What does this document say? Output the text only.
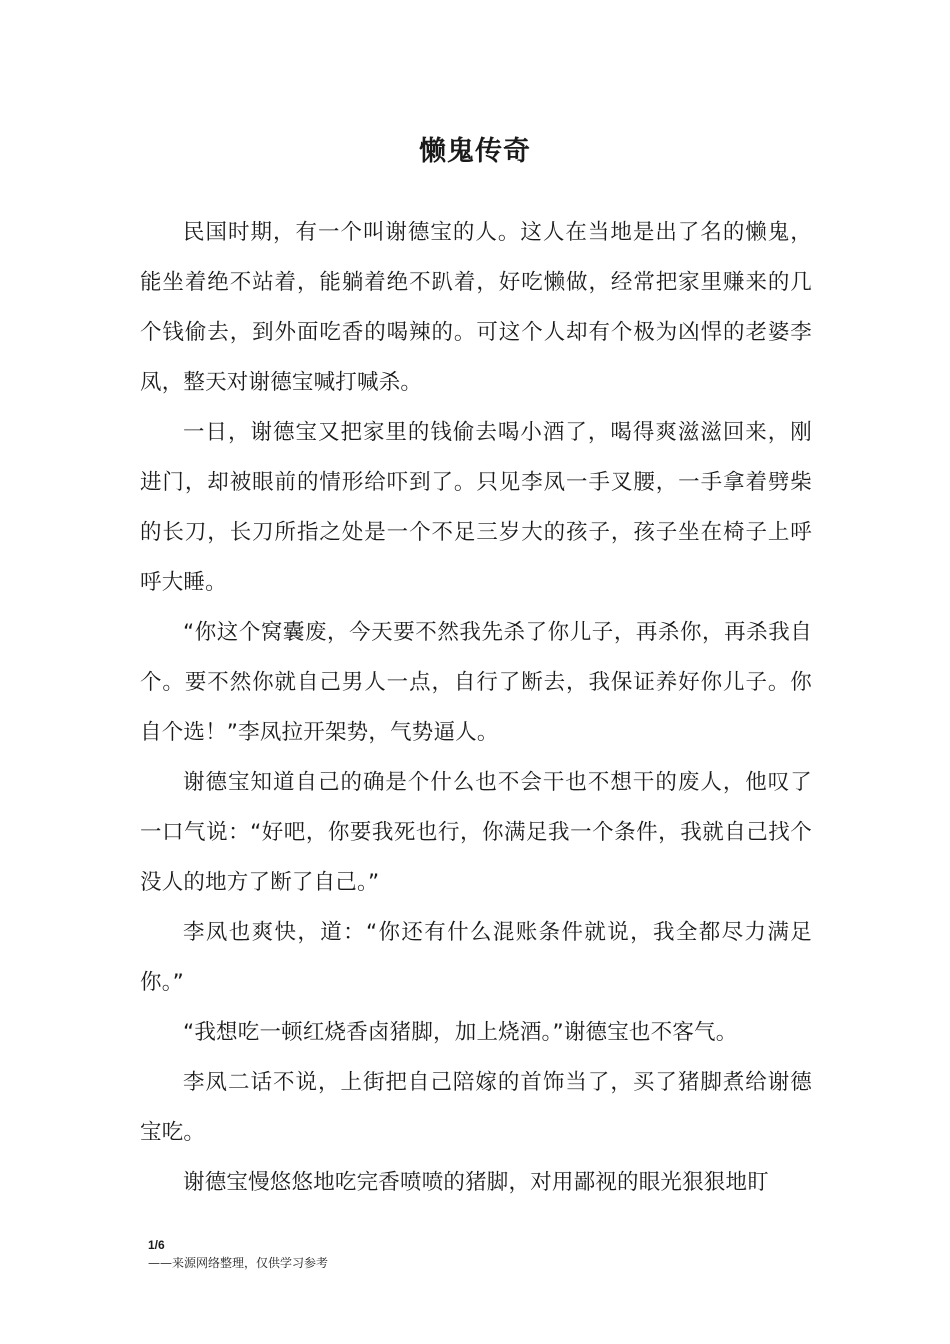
懒鬼传奇

民国时期，有一个叫谢德宝的人。这人在当地是出了名的懒鬼，能坐着绝不站着，能躺着绝不趴着，好吃懒做，经常把家里赚来的几个钱偷去，到外面吃香的喝辣的。可这个人却有个极为凶悍的老婆李凤，整天对谢德宝喊打喊杀。

一日，谢德宝又把家里的钱偷去喝小酒了，喝得爽滋滋回来，刚进门，却被眼前的情形给吓到了。只见李凤一手叉腰，一手拿着劈柴的长刀，长刀所指之处是一个不足三岁大的孩子，孩子坐在椅子上呼呼大睡。

“你这个窝囊废，今天要不然我先杀了你儿子，再杀你，再杀我自个。要不然你就自己男人一点，自行了断去，我保证养好你儿子。你自个选！”李凤拉开架势，气势逼人。

谢德宝知道自己的确是个什么也不会干也不想干的废人，他叹了一口气说：“好吧，你要我死也行，你满足我一个条件，我就自己找个没人的地方了断了自己。”

李凤也爽快，道：“你还有什么混账条件就说，我全都尽力满足你。”

“我想吃一顿红烧香卤猪脚，加上烧酒。”谢德宝也不客气。

李凤二话不说，上街把自己陪嫁的首饰当了，买了猪脚煮给谢德宝吃。

谢德宝慢悠悠地吃完香喷喷的猪脚，对用鄙视的眼光狠狠地盯

1/6

——来源网络整理，仅供学习参考
